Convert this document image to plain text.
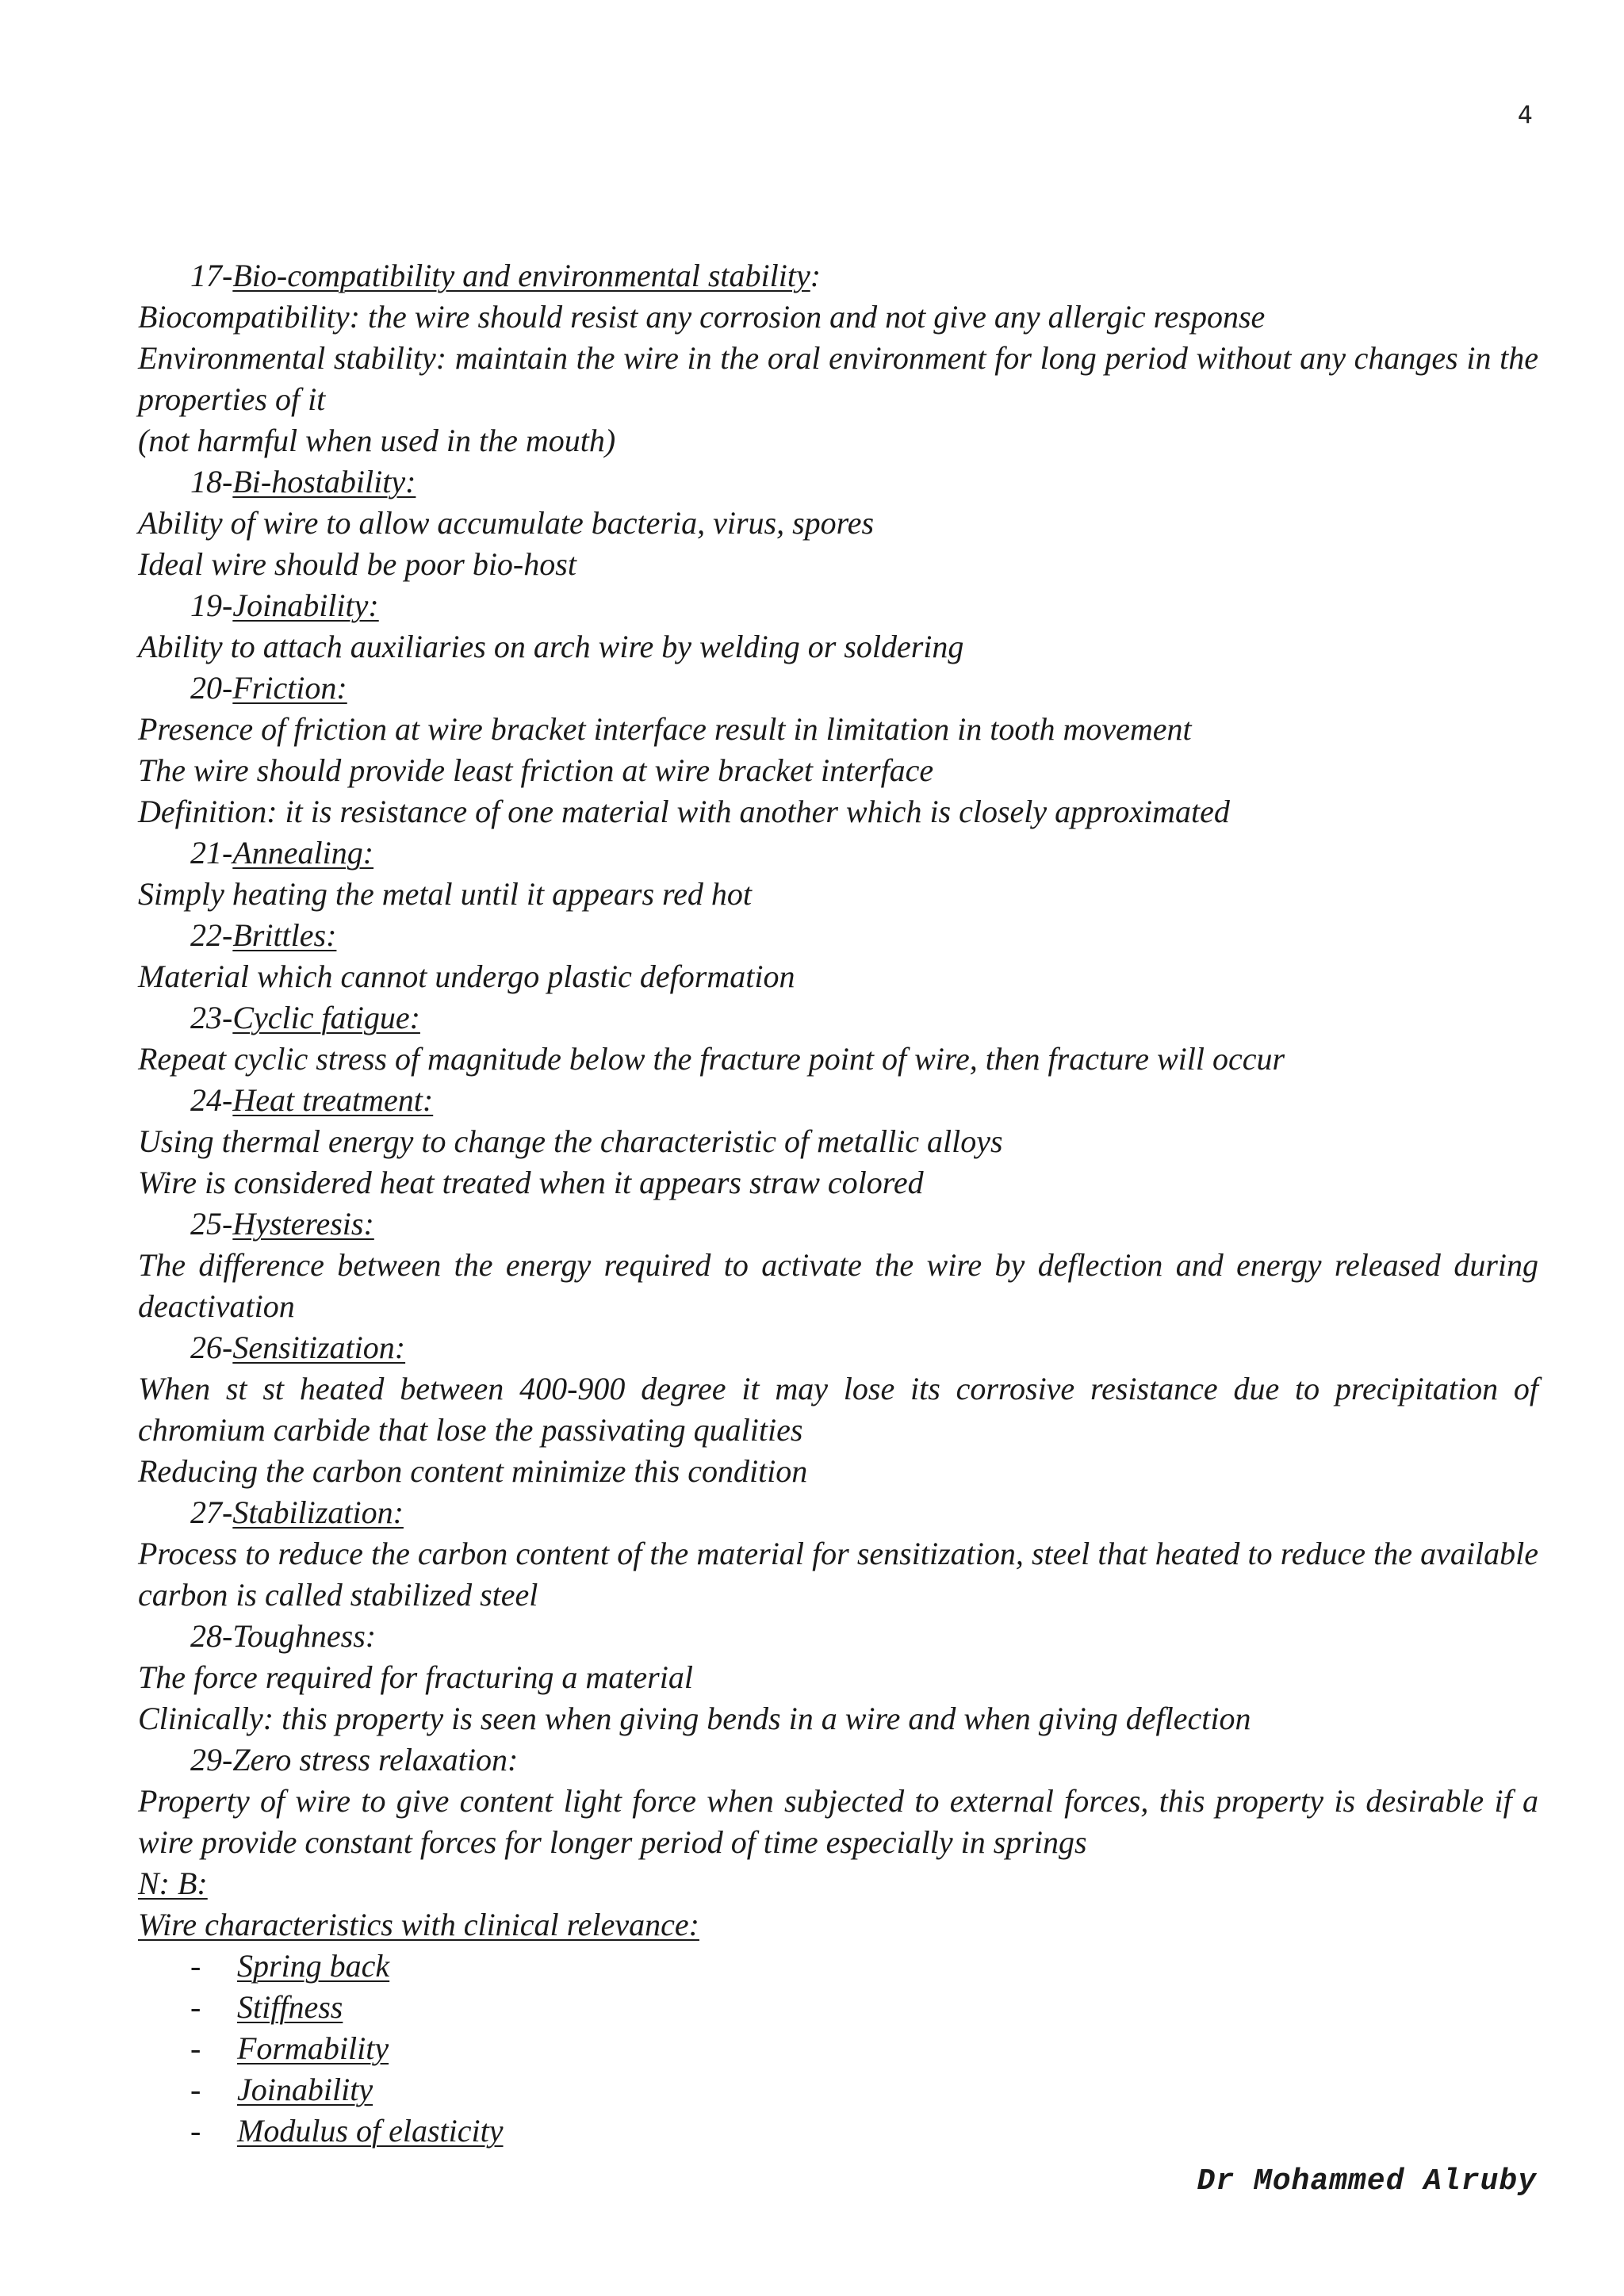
4
17-Bio-compatibility and environmental stability:
Biocompatibility: the wire should resist any corrosion and not give any allergic response
Environmental stability: maintain the wire in the oral environment for long period without any changes in the properties of it
(not harmful when used in the mouth)
18-Bi-hostability:
Ability of wire to allow accumulate bacteria, virus, spores
Ideal wire should be poor bio-host
19-Joinability:
Ability to attach auxiliaries on arch wire by welding or soldering
20-Friction:
Presence of friction at wire bracket interface result in limitation in tooth movement
The wire should provide least friction at wire bracket interface
Definition: it is resistance of one material with another which is closely approximated
21-Annealing:
Simply heating the metal until it appears red hot
22-Brittles:
Material which cannot undergo plastic deformation
23-Cyclic fatigue:
Repeat cyclic stress of magnitude below the fracture point of wire, then fracture will occur
24-Heat treatment:
Using thermal energy to change the characteristic of metallic alloys
Wire is considered heat treated when it appears straw colored
25-Hysteresis:
The difference between the energy required to activate the wire by deflection and energy released during deactivation
26-Sensitization:
When st st heated between 400-900 degree it may lose its corrosive resistance due to precipitation of chromium carbide that lose the passivating qualities
Reducing the carbon content minimize this condition
27-Stabilization:
Process to reduce the carbon content of the material for sensitization, steel that heated to reduce the available carbon is called stabilized steel
28-Toughness:
The force required for fracturing a material
Clinically: this property is seen when giving bends in a wire and when giving deflection
29-Zero stress relaxation:
Property of wire to give content light force when subjected to external forces, this property is desirable if a wire provide constant forces for longer period of time especially in springs
N: B:
Wire characteristics with clinical relevance:
- Spring back
- Stiffness
- Formability
- Joinability
- Modulus of elasticity
Dr Mohammed Alruby
